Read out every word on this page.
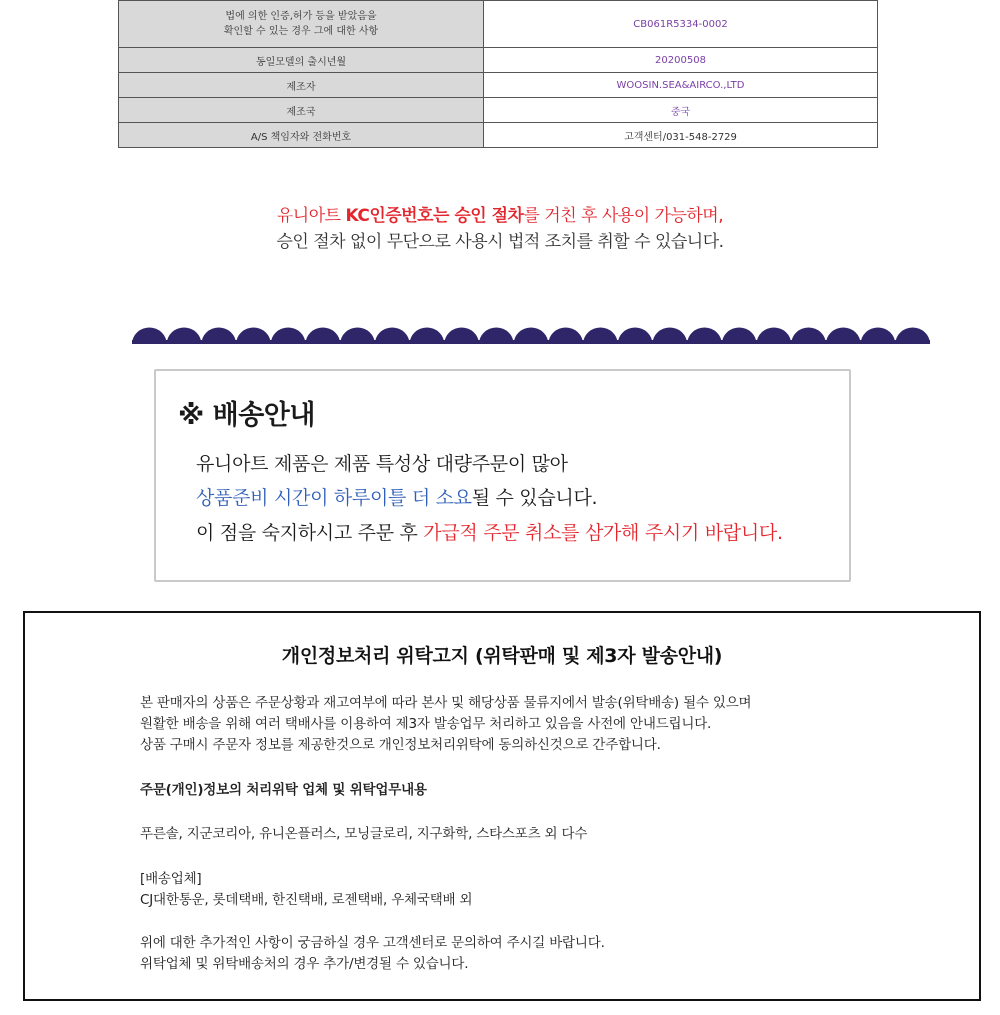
법에 의한 인증,허가 등을 받았음을
확인할 수 있는 경우 그에 대한 사항	CB061R5334-0002
동일모델의 출시년월	20200508
제조자	WOOSIN.SEA&AIRCO.,LTD
제조국	중국
A/S 책임자와 전화번호	고객센터/031-548-2729
유니아트 KC인증번호는 승인 절차를 거친 후 사용이 가능하며,
승인 절차 없이 무단으로 사용시 법적 조치를 취할 수 있습니다.
※ 배송안내
유니아트 제품은 제품 특성상 대량주문이 많아
상품준비 시간이 하루이틀 더 소요될 수 있습니다.
이 점을 숙지하시고 주문 후 가급적 주문 취소를 삼가해 주시기 바랍니다.
개인정보처리 위탁고지 (위탁판매 및 제3자 발송안내)
본 판매자의 상품은 주문상황과 재고여부에 따라 본사 및 해당상품 물류지에서 발송(위탁배송) 될수 있으며
원활한 배송을 위해 여러 택배사를 이용하여 제3자 발송업무 처리하고 있음을 사전에 안내드립니다.
상품 구매시 주문자 정보를 제공한것으로 개인정보처리위탁에 동의하신것으로 간주합니다.
주문(개인)정보의 처리위탁 업체 및 위탁업무내용
푸른솔, 지군코리아, 유니온플러스, 모닝글로리, 지구화학, 스타스포츠 외 다수
[배송업체]
CJ대한통운, 롯데택배, 한진택배, 로젠택배, 우체국택배 외
위에 대한 추가적인 사항이 궁금하실 경우 고객센터로 문의하여 주시길 바랍니다.
위탁업체 및 위탁배송처의 경우 추가/변경될 수 있습니다.
